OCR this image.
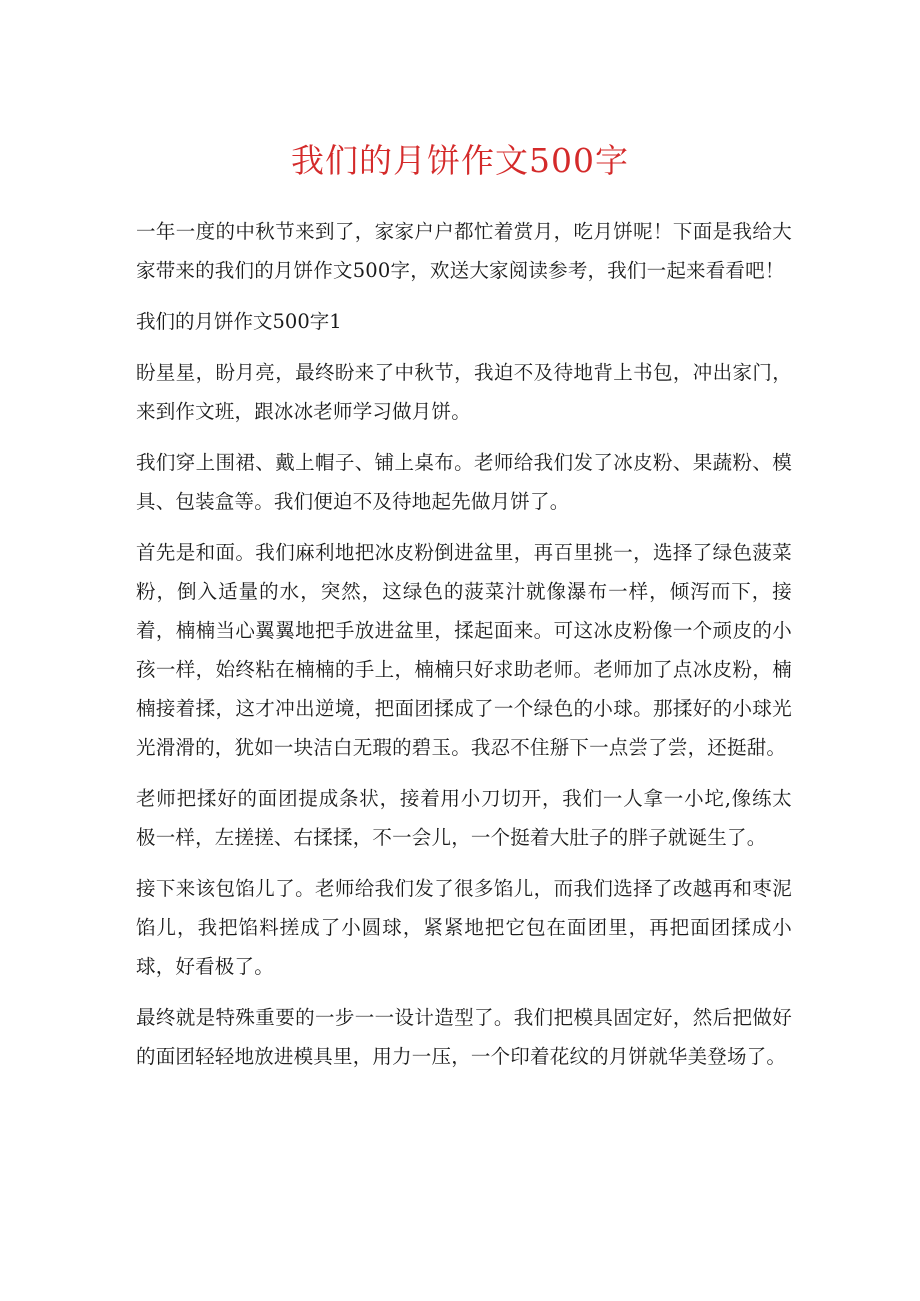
我们的月饼作文500字

一年一度的中秋节来到了，家家户户都忙着赏月，吃月饼呢！下面是我给大家带来的我们的月饼作文500字，欢送大家阅读参考，我们一起来看看吧！

我们的月饼作文500字1

盼星星，盼月亮，最终盼来了中秋节，我迫不及待地背上书包，冲出家门，来到作文班，跟冰冰老师学习做月饼。

我们穿上围裙、戴上帽子、铺上桌布。老师给我们发了冰皮粉、果蔬粉、模具、包装盒等。我们便迫不及待地起先做月饼了。

首先是和面。我们麻利地把冰皮粉倒进盆里，再百里挑一，选择了绿色菠菜粉，倒入适量的水，突然，这绿色的菠菜汁就像瀑布一样，倾泻而下，接着，楠楠当心翼翼地把手放进盆里，揉起面来。可这冰皮粉像一个顽皮的小孩一样，始终粘在楠楠的手上，楠楠只好求助老师。老师加了点冰皮粉，楠楠接着揉，这才冲出逆境，把面团揉成了一个绿色的小球。那揉好的小球光光滑滑的，犹如一块洁白无瑕的碧玉。我忍不住掰下一点尝了尝，还挺甜。

老师把揉好的面团提成条状，接着用小刀切开，我们一人拿一小坨,像练太极一样，左搓搓、右揉揉，不一会儿，一个挺着大肚子的胖子就诞生了。

接下来该包馅儿了。老师给我们发了很多馅儿，而我们选择了改越再和枣泥馅儿，我把馅料搓成了小圆球，紧紧地把它包在面团里，再把面团揉成小球，好看极了。

最终就是特殊重要的一步一一设计造型了。我们把模具固定好，然后把做好的面团轻轻地放进模具里，用力一压，一个印着花纹的月饼就华美登场了。
